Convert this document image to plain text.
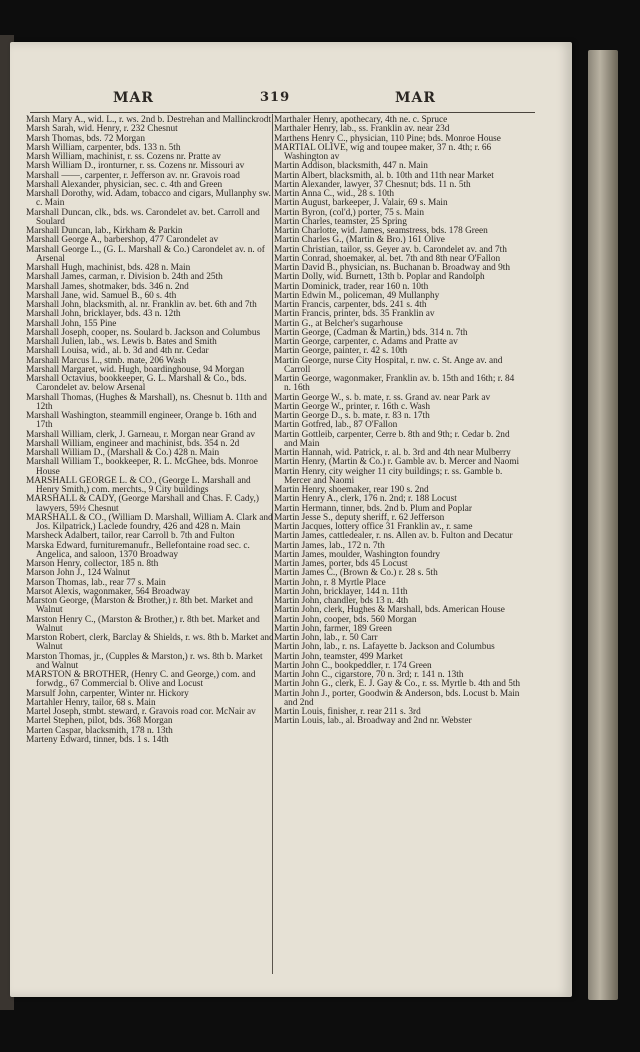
MAR	319	MAR

Marsh Mary A., wid. L., r. ws. 2nd b. Destrehan and Mallinckrodt

Marsh Sarah, wid. Henry, r. 232 Chesnut

Marsh Thomas, bds. 72 Morgan

Marsh William, carpenter, bds. 133 n. 5th

Marsh William, machinist, r. ss. Cozens nr. Pratte av

Marsh William D., ironturner, r. ss. Cozens nr. Missouri av

Marshall ——, carpenter, r. Jefferson av. nr. Gravois road

Marshall Alexander, physician, sec. c. 4th and Green

Marshall Dorothy, wid. Adam, tobacco and cigars, Mullanphy sw. c. Main

Marshall Duncan, clk., bds. ws. Carondelet av. bet. Carroll and Soulard

Marshall Duncan, lab., Kirkham & Parkin

Marshall George A., barbershop, 477 Carondelet av

Marshall George L., (G. L. Marshall & Co.) Carondelet av. n. of Arsenal

Marshall Hugh, machinist, bds. 428 n. Main

Marshall James, carman, r. Division b. 24th and 25th

Marshall James, shotmaker, bds. 346 n. 2nd

Marshall Jane, wid. Samuel B., 60 s. 4th

Marshall John, blacksmith, al. nr. Franklin av. bet. 6th and 7th

Marshall John, bricklayer, bds. 43 n. 12th

Marshall John, 155 Pine

Marshall Joseph, cooper, ns. Soulard b. Jackson and Columbus

Marshall Julien, lab., ws. Lewis b. Bates and Smith

Marshall Louisa, wid., al. b. 3d and 4th nr. Cedar

Marshall Marcus L., stmb. mate, 206 Wash

Marshall Margaret, wid. Hugh, boardinghouse, 94 Morgan

Marshall Octavius, bookkeeper, G. L. Marshall & Co., bds. Carondelet av. below Arsenal

Marshall Thomas, (Hughes & Marshall), ns. Chesnut b. 11th and 12th

Marshall Washington, steammill engineer, Orange b. 16th and 17th

Marshall William, clerk, J. Garneau, r. Morgan near Grand av

Marshall William, engineer and machinist, bds. 354 n. 2d

Marshall William D., (Marshall & Co.) 428 n. Main

Marshall William T., bookkeeper, R. L. McGhee, bds. Monroe House

MARSHALL GEORGE L. & CO., (George L. Marshall and Henry Smith,) com. merchts., 9 City buildings

MARSHALL & CADY, (George Marshall and Chas. F. Cady,) lawyers, 59½ Chesnut

MARSHALL & CO., (William D. Marshall, William A. Clark and Jos. Kilpatrick,) Laclede foundry, 426 and 428 n. Main

Marsheck Adalbert, tailor, rear Carroll b. 7th and Fulton

Marska Edward, furnituremanufr., Bellefontaine road sec. c. Angelica, and saloon, 1370 Broadway

Marson Henry, collector, 185 n. 8th

Marson John J., 124 Walnut

Marson Thomas, lab., rear 77 s. Main

Marsot Alexis, wagonmaker, 564 Broadway

Marston George, (Marston & Brother,) r. 8th bet. Market and Walnut

Marston Henry C., (Marston & Brother,) r. 8th bet. Market and Walnut

Marston Robert, clerk, Barclay & Shields, r. ws. 8th b. Market and Walnut

Marston Thomas, jr., (Cupples & Marston,) r. ws. 8th b. Market and Walnut

MARSTON & BROTHER, (Henry C. and George,) com. and forwdg., 67 Commercial b. Olive and Locust

Marsulf John, carpenter, Winter nr. Hickory

Martahler Henry, tailor, 68 s. Main

Martel Joseph, stmbt. steward, r. Gravois road cor. McNair av

Martel Stephen, pilot, bds. 368 Morgan

Marten Caspar, blacksmith, 178 n. 13th

Marteny Edward, tinner, bds. 1 s. 14th

Marthaler Henry, apothecary, 4th ne. c. Spruce

Marthaler Henry, lab., ss. Franklin av. near 23d

Marthens Henry C., physician, 110 Pine; bds. Monroe House

MARTIAL OLIVE, wig and toupee maker, 37 n. 4th; r. 66 Washington av

Martin Addison, blacksmith, 447 n. Main

Martin Albert, blacksmith, al. b. 10th and 11th near Market

Martin Alexander, lawyer, 37 Chesnut; bds. 11 n. 5th

Martin Anna C., wid., 28 s. 10th

Martin August, barkeeper, J. Valair, 69 s. Main

Martin Byron, (col'd,) porter, 75 s. Main

Martin Charles, teamster, 25 Spring

Martin Charlotte, wid. James, seamstress, bds. 178 Green

Martin Charles G., (Martin & Bro.) 161 Olive

Martin Christian, tailor, ss. Geyer av. b. Carondelet av. and 7th

Martin Conrad, shoemaker, al. bet. 7th and 8th near O'Fallon

Martin David B., physician, ns. Buchanan b. Broadway and 9th

Martin Dolly, wid. Burnett, 13th b. Poplar and Randolph

Martin Dominick, trader, rear 160 n. 10th

Martin Edwin M., policeman, 49 Mullanphy

Martin Francis, carpenter, bds. 241 s. 4th

Martin Francis, printer, bds. 35 Franklin av

Martin G., at Belcher's sugarhouse

Martin George, (Cadman & Martin,) bds. 314 n. 7th

Martin George, carpenter, c. Adams and Pratte av

Martin George, painter, r. 42 s. 10th

Martin George, nurse City Hospital, r. nw. c. St. Ange av. and Carroll

Martin George, wagonmaker, Franklin av. b. 15th and 16th; r. 84 n. 16th

Martin George W., s. b. mate, r. ss. Grand av. near Park av

Martin George W., printer, r. 16th c. Wash

Martin George D., s. b. mate, r. 83 n. 17th

Martin Gotfred, lab., 87 O'Fallon

Martin Gottleib, carpenter, Cerre b. 8th and 9th; r. Cedar b. 2nd and Main

Martin Hannah, wid. Patrick, r. al. b. 3rd and 4th near Mulberry

Martin Henry, (Martin & Co.) r. Gamble av. b. Mercer and Naomi

Martin Henry, city weigher 11 city buildings; r. ss. Gamble b. Mercer and Naomi

Martin Henry, shoemaker, rear 190 s. 2nd

Martin Henry A., clerk, 176 n. 2nd; r. 188 Locust

Martin Hermann, tinner, bds. 2nd b. Plum and Poplar

Martin Jesse S., deputy sheriff, r. 62 Jefferson

Martin Jacques, lottery office 31 Franklin av., r. same

Martin James, cattledealer, r. ns. Allen av. b. Fulton and Decatur

Martin James, lab., 172 n. 7th

Martin James, moulder, Washington foundry

Martin James, porter, bds 45 Locust

Martin James C., (Brown & Co.) r. 28 s. 5th

Martin John, r. 8 Myrtle Place

Martin John, bricklayer, 144 n. 11th

Martin John, chandler, bds 13 n. 4th

Martin John, clerk, Hughes & Marshall, bds. American House

Martin John, cooper, bds. 560 Morgan

Martin John, farmer, 189 Green

Martin John, lab., r. 50 Carr

Martin John, lab., r. ns. Lafayette b. Jackson and Columbus

Martin John, teamster, 499 Market

Martin John C., bookpeddler, r. 174 Green

Martin John C., cigarstore, 70 n. 3rd; r. 141 n. 13th

Martin John G., clerk, E. J. Gay & Co., r. ss. Myrtle b. 4th and 5th

Martin John J., porter, Goodwin & Anderson, bds. Locust b. Main and 2nd

Martin Louis, finisher, r. rear 211 s. 3rd

Martin Louis, lab., al. Broadway and 2nd nr. Webster
